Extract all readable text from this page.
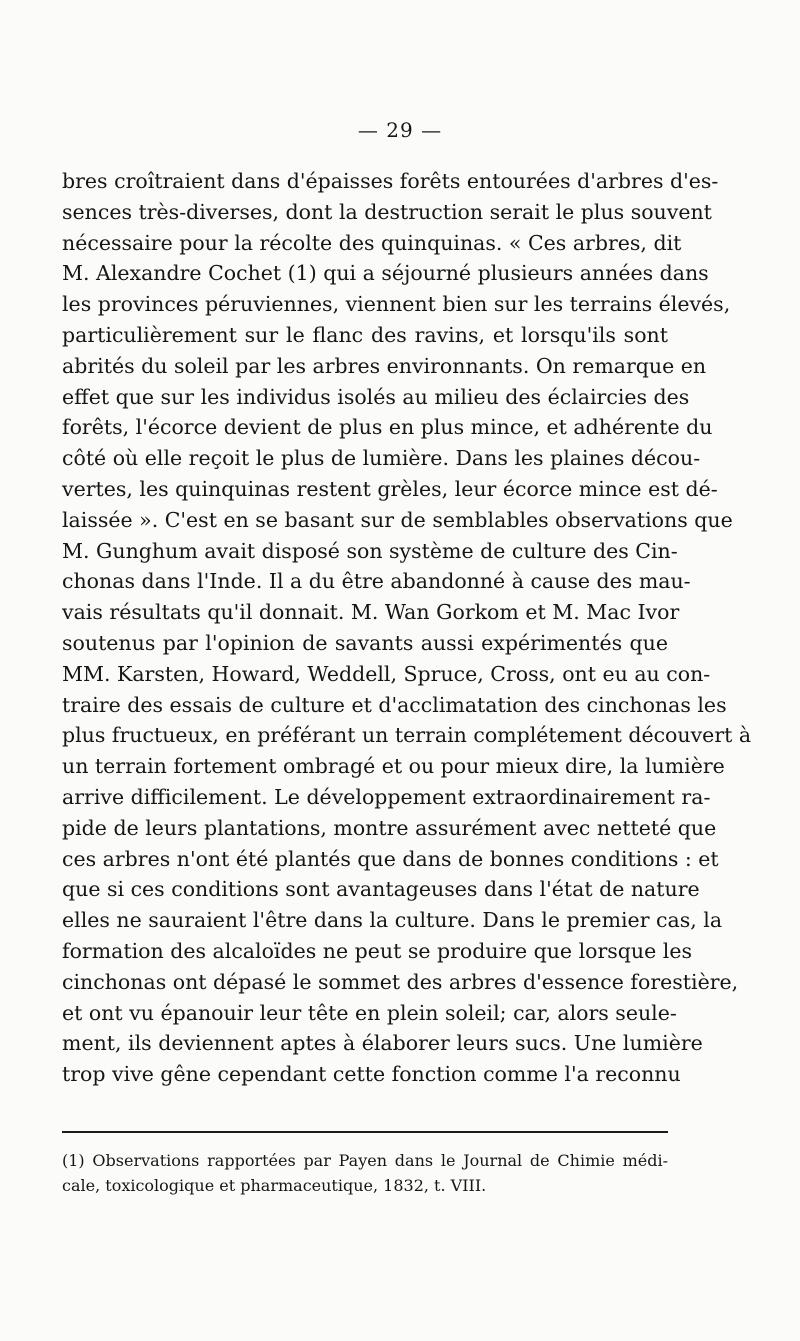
— 29 —
bres croîtraient dans d'épaisses forêts entourées d'arbres d'es-
sences très-diverses, dont la destruction serait le plus souvent
nécessaire pour la récolte des quinquinas. « Ces arbres, dit
M. Alexandre Cochet (1) qui a séjourné plusieurs années dans
les provinces péruviennes, viennent bien sur les terrains élevés,
particulièrement sur le flanc des ravins, et lorsqu'ils sont
abrités du soleil par les arbres environnants. On remarque en
effet que sur les individus isolés au milieu des éclaircies des
forêts, l'écorce devient de plus en plus mince, et adhérente du
côté où elle reçoit le plus de lumière. Dans les plaines décou-
vertes, les quinquinas restent grèles, leur écorce mince est dé-
laissée ». C'est en se basant sur de semblables observations que
M. Gunghum avait disposé son système de culture des Cin-
chonas dans l'Inde. Il a du être abandonné à cause des mau-
vais résultats qu'il donnait. M. Wan Gorkom et M. Mac Ivor
soutenus par l'opinion de savants aussi expérimentés que
MM. Karsten, Howard, Weddell, Spruce, Cross, ont eu au con-
traire des essais de culture et d'acclimatation des cinchonas les
plus fructueux, en préférant un terrain complétement découvert à
un terrain fortement ombragé et ou pour mieux dire, la lumière
arrive difficilement. Le développement extraordinairement ra-
pide de leurs plantations, montre assurément avec netteté que
ces arbres n'ont été plantés que dans de bonnes conditions : et
que si ces conditions sont avantageuses dans l'état de nature
elles ne sauraient l'être dans la culture. Dans le premier cas, la
formation des alcaloïdes ne peut se produire que lorsque les
cinchonas ont dépasé le sommet des arbres d'essence forestière,
et ont vu épanouir leur tête en plein soleil; car, alors seule-
ment, ils deviennent aptes à élaborer leurs sucs. Une lumière
trop vive gêne cependant cette fonction comme l'a reconnu
(1) Observations rapportées par Payen dans le Journal de Chimie médi-
cale, toxicologique et pharmaceutique, 1832, t. VIII.
